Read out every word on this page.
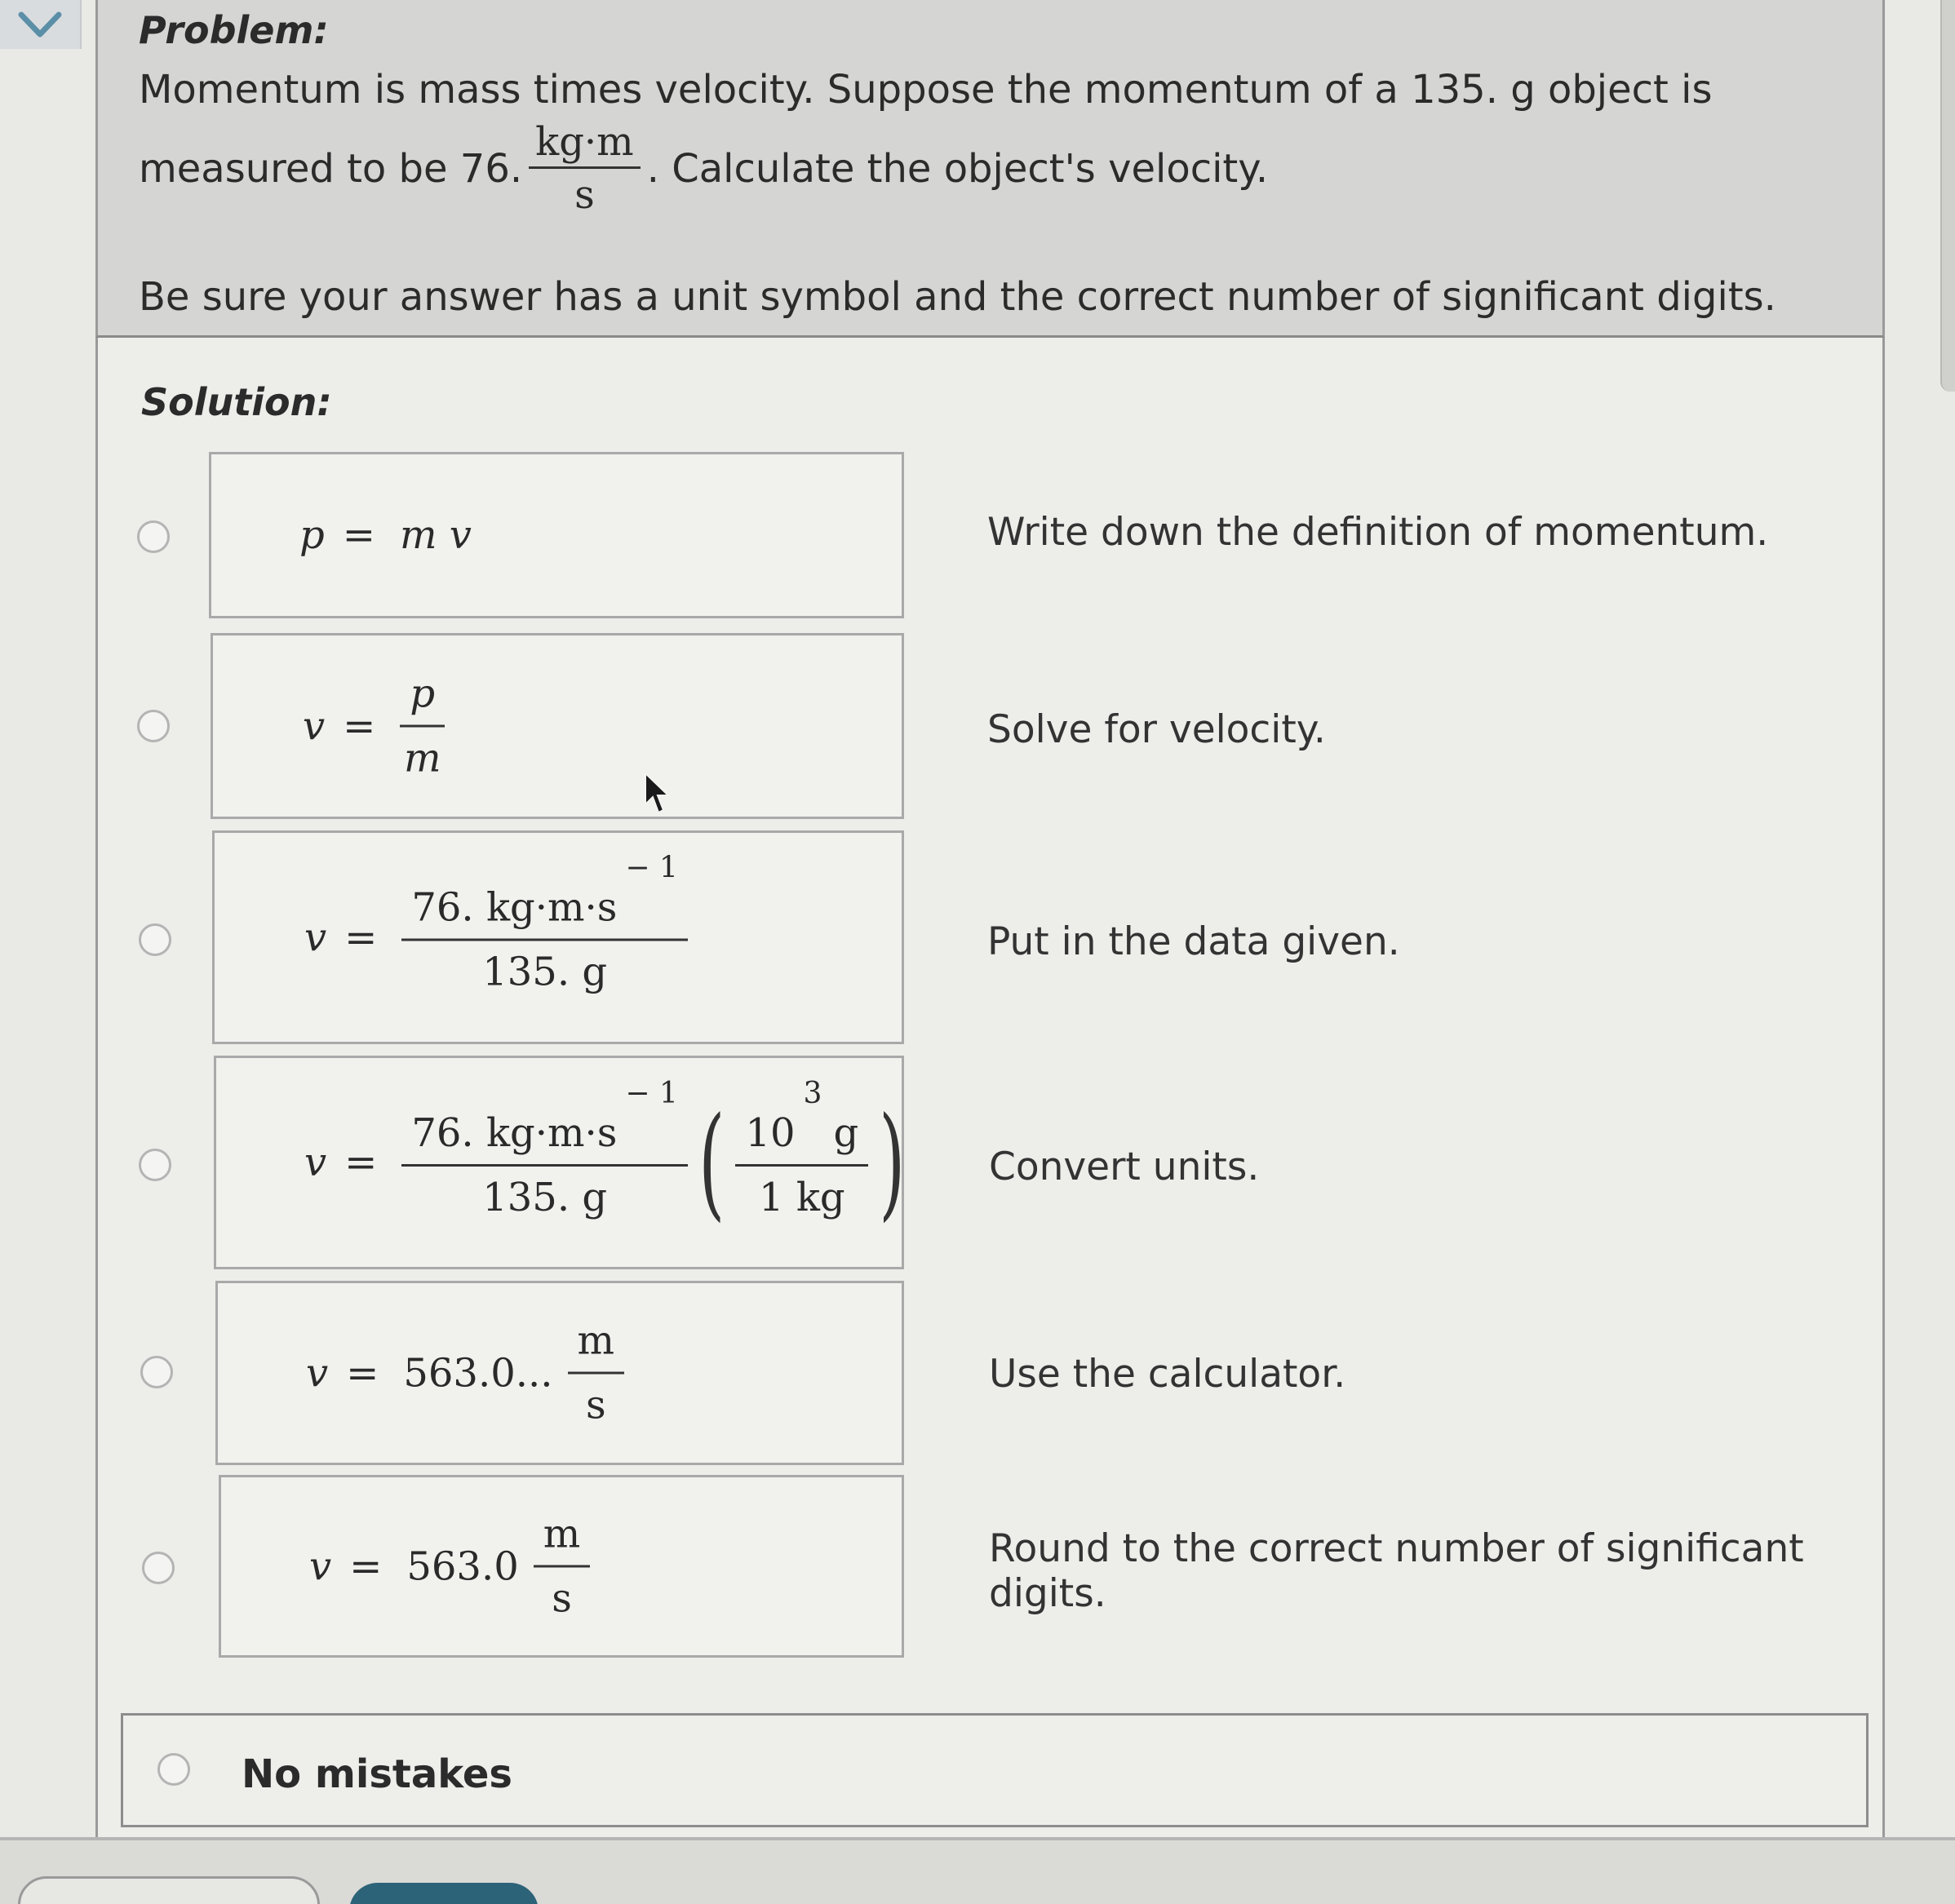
Problem:
Momentum is mass times velocity. Suppose the momentum of a 135. g object is
measured to be 76. $\frac{kg\cdot m}{s}$ . Calculate the object's velocity.
Be sure your answer has a unit symbol and the correct number of significant digits.
Solution:
p = m v	Write down the definition of momentum.
$v = \frac{p}{m}$	Solve for velocity.
$v = \frac{76. kg\cdot m\cdot s^{- 1}}{135. g}$	Put in the data given.
$v = \frac{76. kg\cdot m\cdot s^{- 1}}{135. g}$ ( $\frac{10^3g}{1 kg}$ ) Convert units.
v = 563.0... $\frac{m}{s}$	Use the calculator.
$v = 563.0 \frac{m}{s}$	Round to the correct number of significant digits.
No mistakes
